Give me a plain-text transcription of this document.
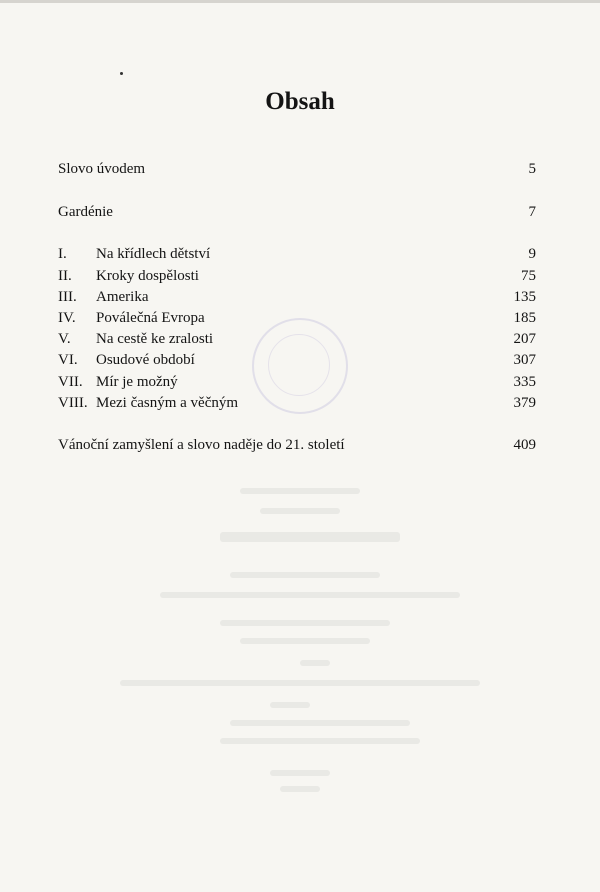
Obsah
Slovo úvodem	5
Gardénie	7
I. Na křídlech dětství	9
II. Kroky dospělosti	75
III. Amerika	135
IV. Poválečná Evropa	185
V. Na cestě ke zralosti	207
VI. Osudové období	307
VII. Mír je možný	335
VIII. Mezi časným a věčným	379
Vánoční zamyšlení a slovo naděje do 21. století	409
